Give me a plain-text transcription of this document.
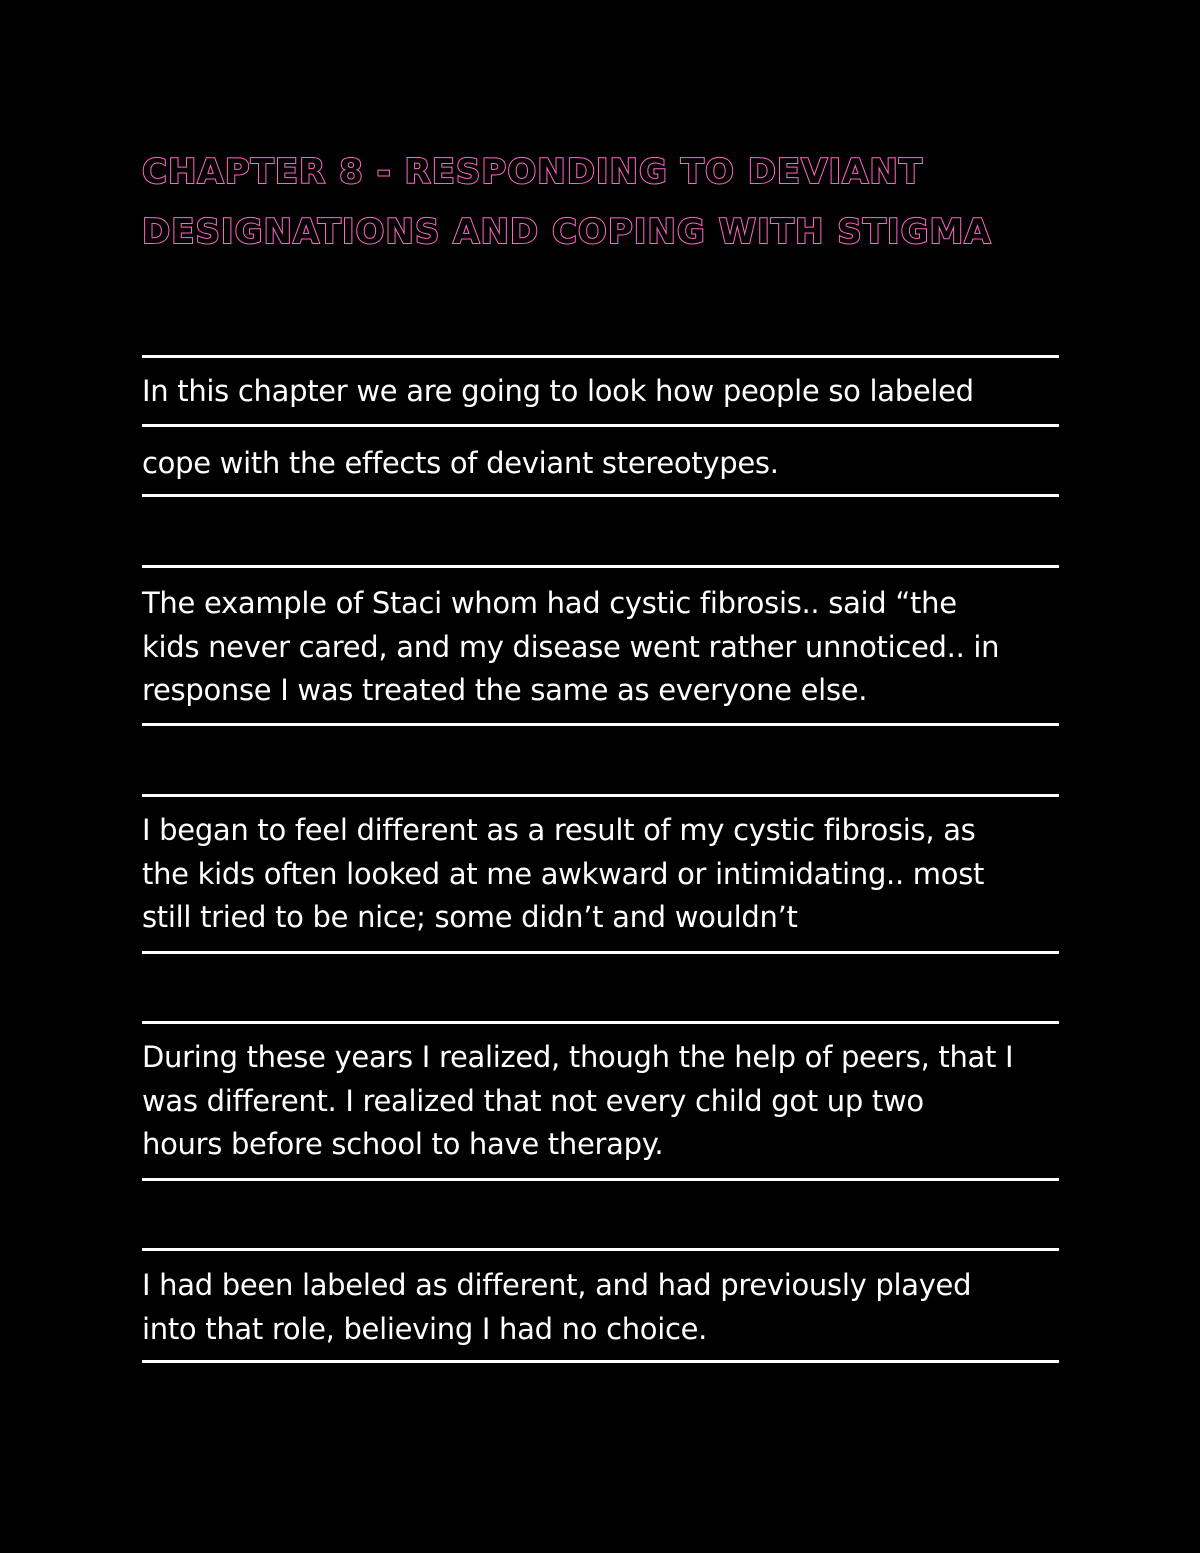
CHAPTER 8 - RESPONDING TO DEVIANT
DESIGNATIONS AND COPING WITH STIGMA

In this chapter we are going to look how people so labeled

cope with the effects of deviant stereotypes.

The example of Staci whom had cystic fibrosis.. said “the
kids never cared, and my disease went rather unnoticed.. in
response I was treated the same as everyone else.

I began to feel different as a result of my cystic fibrosis, as
the kids often looked at me awkward or intimidating.. most
still tried to be nice; some didn’t and wouldn’t

During these years I realized, though the help of peers, that I
was different. I realized that not every child got up two
hours before school to have therapy.

I had been labeled as different, and had previously played
into that role, believing I had no choice.
